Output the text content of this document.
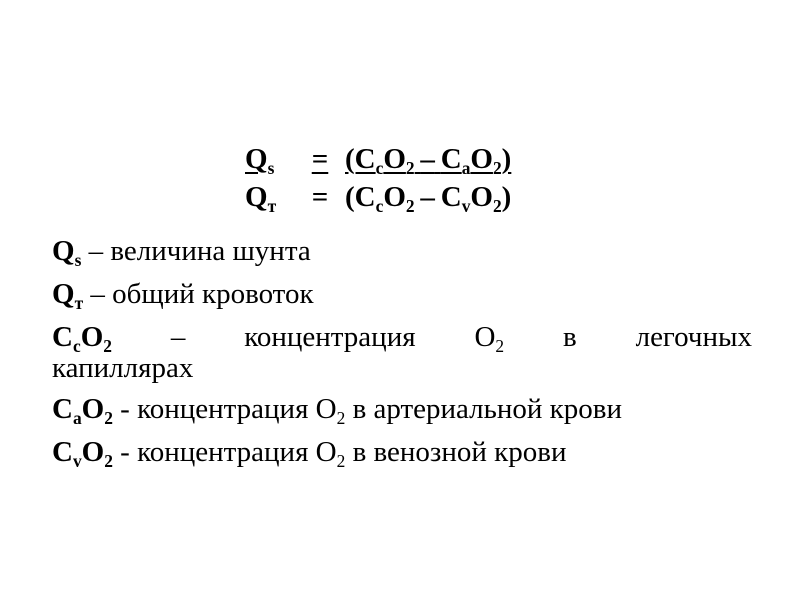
$Q_s$	= $(C_cO_2 - C_aO_2)$
$Q_т$	= $(C_cO_2 - C_vO_2)$
$Q_s$ – величина шунта
$Q_т$ – общий кровоток
$C_cO_2$ – концентрация $O_2$ в легочных
капиллярах
$C_aO_2$ - концентрация $O_2$ в артериальной крови
$C_vO_2$ - концентрация $O_2$ в венозной крови
